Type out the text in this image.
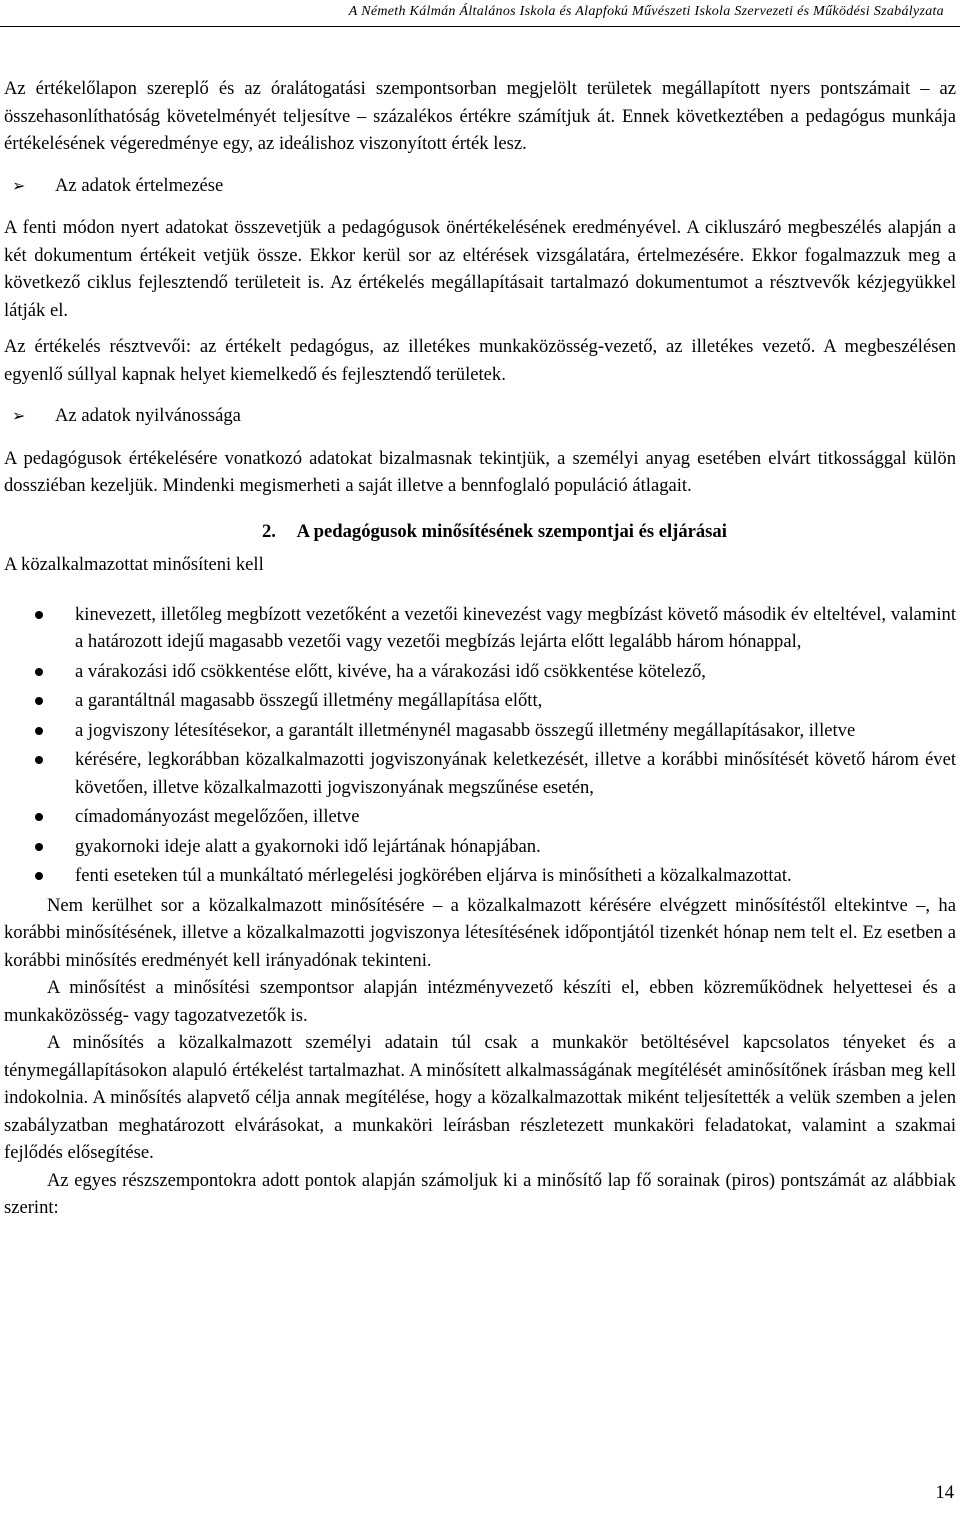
A Németh Kálmán Általános Iskola és Alapfokú Művészeti Iskola Szervezeti és Működési Szabályzata

Az értékelőlapon szereplő és az óralátogatási szempontsorban megjelölt területek megállapított nyers pontszámait – az összehasonlíthatóság követelményét teljesítve – százalékos értékre számítjuk át. Ennek következtében a pedagógus munkája értékelésének végeredménye egy, az ideálishoz viszonyított érték lesz.

➢	Az adatok értelmezése

A fenti módon nyert adatokat összevetjük a pedagógusok önértékelésének eredményével. A cikluszáró megbeszélés alapján a két dokumentum értékeit vetjük össze. Ekkor kerül sor az eltérések vizsgálatára, értelmezésére. Ekkor fogalmazzuk meg a következő ciklus fejlesztendő területeit is. Az értékelés megállapításait tartalmazó dokumentumot a résztvevők kézjegyükkel látják el.

Az értékelés résztvevői: az értékelt pedagógus, az illetékes munkaközösség-vezető, az illetékes vezető. A megbeszélésen egyenlő súllyal kapnak helyet kiemelkedő és fejlesztendő területek.

➢	Az adatok nyilvánossága

A pedagógusok értékelésére vonatkozó adatokat bizalmasnak tekintjük, a személyi anyag esetében elvárt titkossággal külön dossziéban kezeljük. Mindenki megismerheti a saját illetve a bennfoglaló populáció átlagait.

2. A pedagógusok minősítésének szempontjai és eljárásai

A közalkalmazottat minősíteni kell

kinevezett, illetőleg megbízott vezetőként a vezetői kinevezést vagy megbízást követő második év elteltével, valamint a határozott idejű magasabb vezetői vagy vezetői megbízás lejárta előtt legalább három hónappal,
a várakozási idő csökkentése előtt, kivéve, ha a várakozási idő csökkentése kötelező,
a garantáltnál magasabb összegű illetmény megállapítása előtt,
a jogviszony létesítésekor, a garantált illetménynél magasabb összegű illetmény megállapításakor, illetve
kérésére, legkorábban közalkalmazotti jogviszonyának keletkezését, illetve a korábbi minősítését követő három évet követően, illetve közalkalmazotti jogviszonyának megszűnése esetén,
címadományozást megelőzően, illetve
gyakornoki ideje alatt a gyakornoki idő lejártának hónapjában.
fenti eseteken túl a munkáltató mérlegelési jogkörében eljárva is minősítheti a közalkalmazottat.

Nem kerülhet sor a közalkalmazott minősítésére – a közalkalmazott kérésére elvégzett minősítéstől eltekintve –, ha korábbi minősítésének, illetve a közalkalmazotti jogviszonya létesítésének időpontjától tizenkét hónap nem telt el. Ez esetben a korábbi minősítés eredményét kell irányadónak tekinteni.

A minősítést a minősítési szempontsor alapján intézményvezető készíti el, ebben közreműködnek helyettesei és a munkaközösség- vagy tagozatvezetők is.

A minősítés a közalkalmazott személyi adatain túl csak a munkakör betöltésével kapcsolatos tényeket és a ténymegállapításokon alapuló értékelést tartalmazhat. A minősített alkalmasságának megítélését aminősítőnek írásban meg kell indokolnia. A minősítés alapvető célja annak megítélése, hogy a közalkalmazottak miként teljesítették a velük szemben a jelen szabályzatban meghatározott elvárásokat, a munkaköri leírásban részletezett munkaköri feladatokat, valamint a szakmai fejlődés elősegítése.

Az egyes részszempontokra adott pontok alapján számoljuk ki a minősítő lap fő sorainak (piros) pontszámát az alábbiak szerint:

14
